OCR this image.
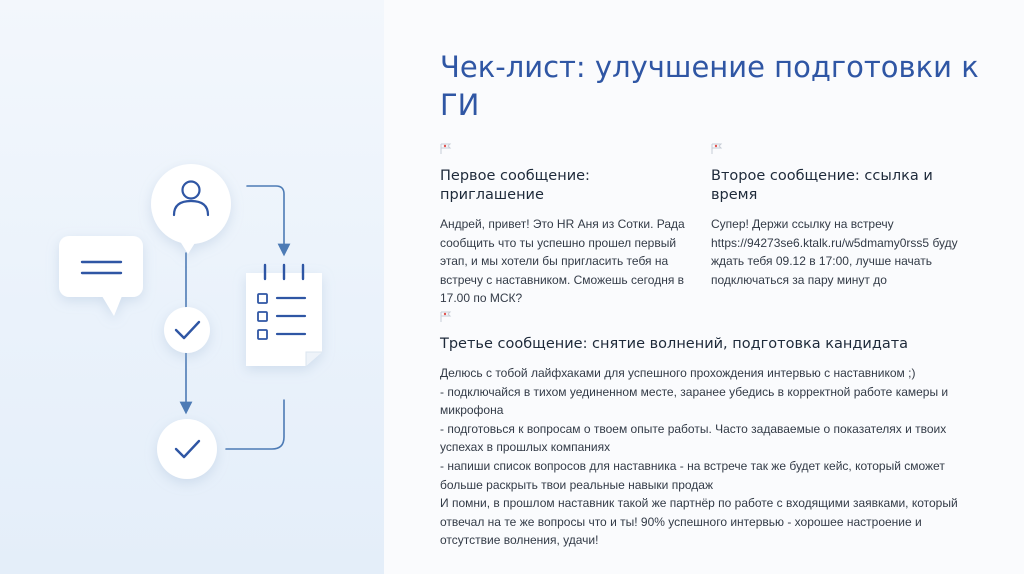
Чек-лист: улучшение подготовки к ГИ
Первое сообщение: приглашение

Андрей, привет! Это HR Аня из Сотки. Рада сообщить что ты успешно прошел первый этап, и мы хотели бы пригласить тебя на встречу с наставником. Сможешь сегодня в 17.00 по МСК?

Второе сообщение: ссылка и время

Супер! Держи ссылку на встречу https://94273se6.ktalk.ru/w5dmamy0rss5 буду ждать тебя 09.12 в 17:00, лучше начать подключаться за пару минут до

Третье сообщение: снятие волнений, подготовка кандидата

Делюсь с тобой лайфхаками для успешного прохождения интервью с наставником ;)
- подключайся в тихом уединенном месте, заранее убедись в корректной работе камеры и микрофона
- подготовься к вопросам о твоем опыте работы. Часто задаваемые о показателях и твоих успехах в прошлых компаниях
- напиши список вопросов для наставника - на встрече так же будет кейс, который сможет больше раскрыть твои реальные навыки продаж
И помни, в прошлом наставник такой же партнёр по работе с входящими заявками, который отвечал на те же вопросы что и ты! 90% успешного интервью - хорошее настроение и отсутствие волнения, удачи!
